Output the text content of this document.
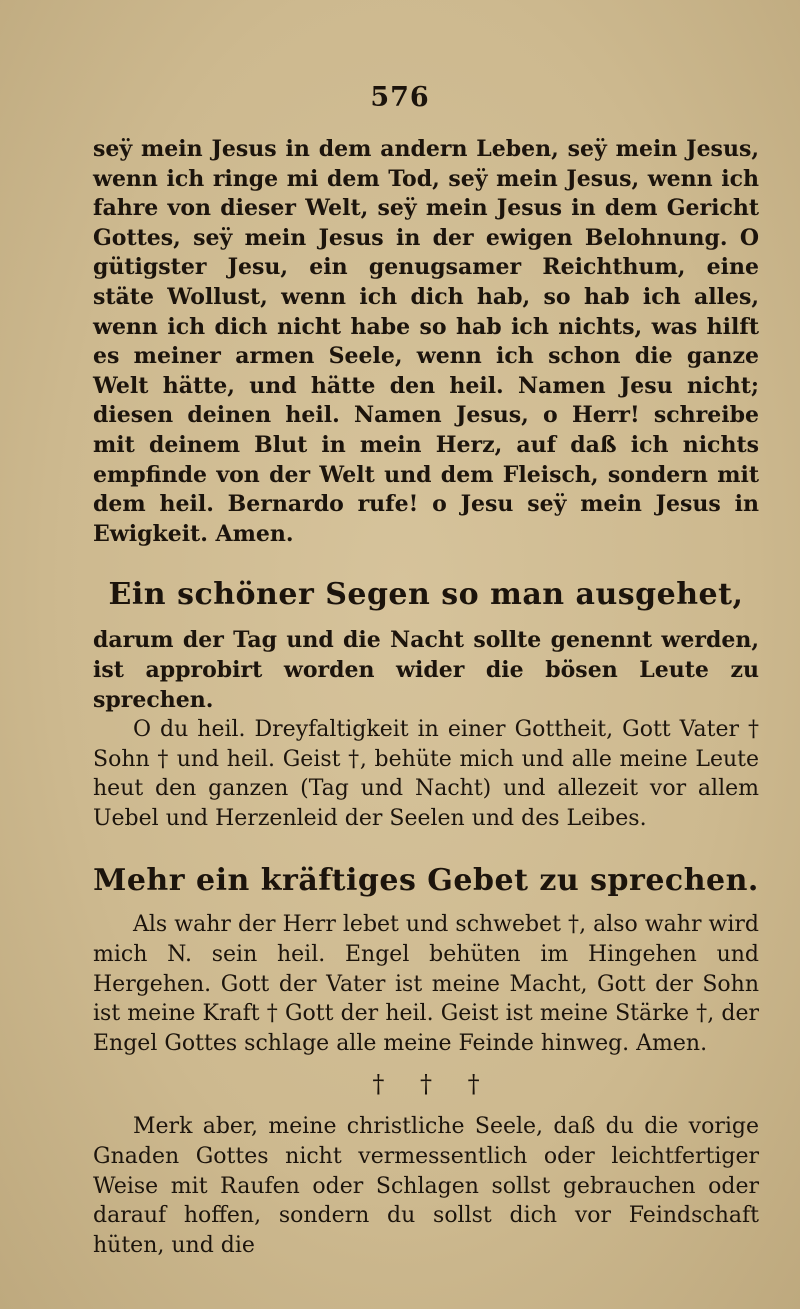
576

seÿ mein Jesus in dem andern Leben, seÿ mein Jesus, wenn ich ringe mi dem Tod, seÿ mein Jesus, wenn ich fahre von dieser Welt, seÿ mein Jesus in dem Gericht Gottes, seÿ mein Jesus in der ewigen Belohnung. O gütigster Jesu, ein genugsamer Reichthum, eine stäte Wollust, wenn ich dich hab, so hab ich alles, wenn ich dich nicht habe so hab ich nichts, was hilft es meiner armen Seele, wenn ich schon die ganze Welt hätte, und hätte den heil. Namen Jesu nicht; diesen deinen heil. Namen Jesus, o Herr! schreibe mit deinem Blut in mein Herz, auf daß ich nichts empfinde von der Welt und dem Fleisch, sondern mit dem heil. Bernardo rufe! o Jesu seÿ mein Jesus in Ewigkeit. Amen.

Ein schöner Segen so man ausgehet,

darum der Tag und die Nacht sollte genennt werden, ist approbirt worden wider die bösen Leute zu sprechen.

O du heil. Dreyfaltigkeit in einer Gottheit, Gott Vater † Sohn † und heil. Geist †, behüte mich und alle meine Leute heut den ganzen (Tag und Nacht) und allezeit vor allem Uebel und Herzenleid der Seelen und des Leibes.

Mehr ein kräftiges Gebet zu sprechen.

Als wahr der Herr lebet und schwebet †, also wahr wird mich N. sein heil. Engel behüten im Hingehen und Hergehen. Gott der Vater ist meine Macht, Gott der Sohn ist meine Kraft † Gott der heil. Geist ist meine Stärke †, der Engel Gottes schlage alle meine Feinde hinweg. Amen.

† † †

Merk aber, meine christliche Seele, daß du die vorige Gnaden Gottes nicht vermessentlich oder leichtfertiger Weise mit Raufen oder Schlagen sollst gebrauchen oder darauf hoffen, sondern du sollst dich vor Feindschaft hüten, und die
